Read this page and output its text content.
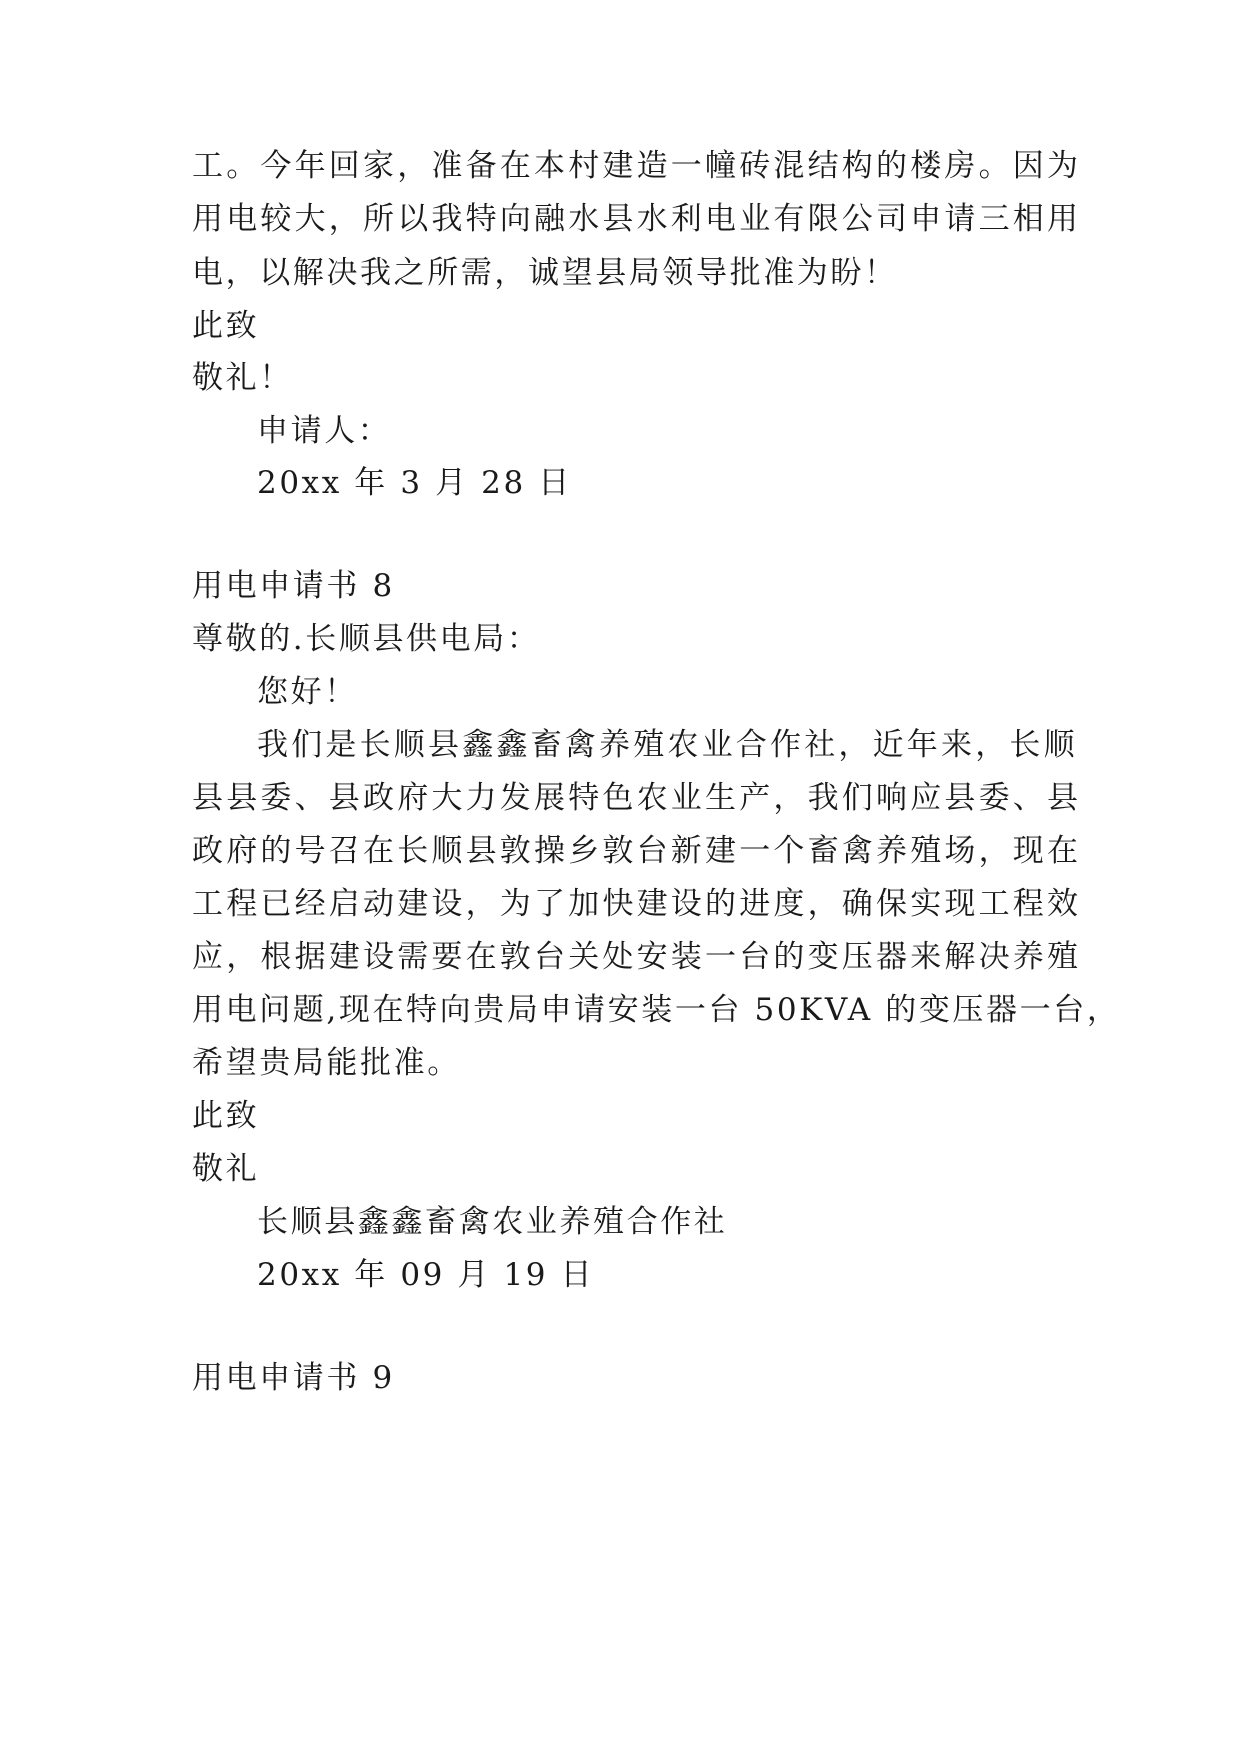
工。今年回家，准备在本村建造一幢砖混结构的楼房。因为
用电较大，所以我特向融水县水利电业有限公司申请三相用
电，以解决我之所需，诚望县局领导批准为盼！
此致
敬礼！
申请人：
20xx 年 3 月 28 日
用电申请书 8
尊敬的.长顺县供电局：
您好！
我们是长顺县鑫鑫畜禽养殖农业合作社，近年来，长顺
县县委、县政府大力发展特色农业生产，我们响应县委、县
政府的号召在长顺县敦操乡敦台新建一个畜禽养殖场，现在
工程已经启动建设，为了加快建设的进度，确保实现工程效
应，根据建设需要在敦台关处安装一台的变压器来解决养殖
用电问题,现在特向贵局申请安装一台 50KVA 的变压器一台，
希望贵局能批准。
此致
敬礼
长顺县鑫鑫畜禽农业养殖合作社
20xx 年 09 月 19 日
用电申请书 9
